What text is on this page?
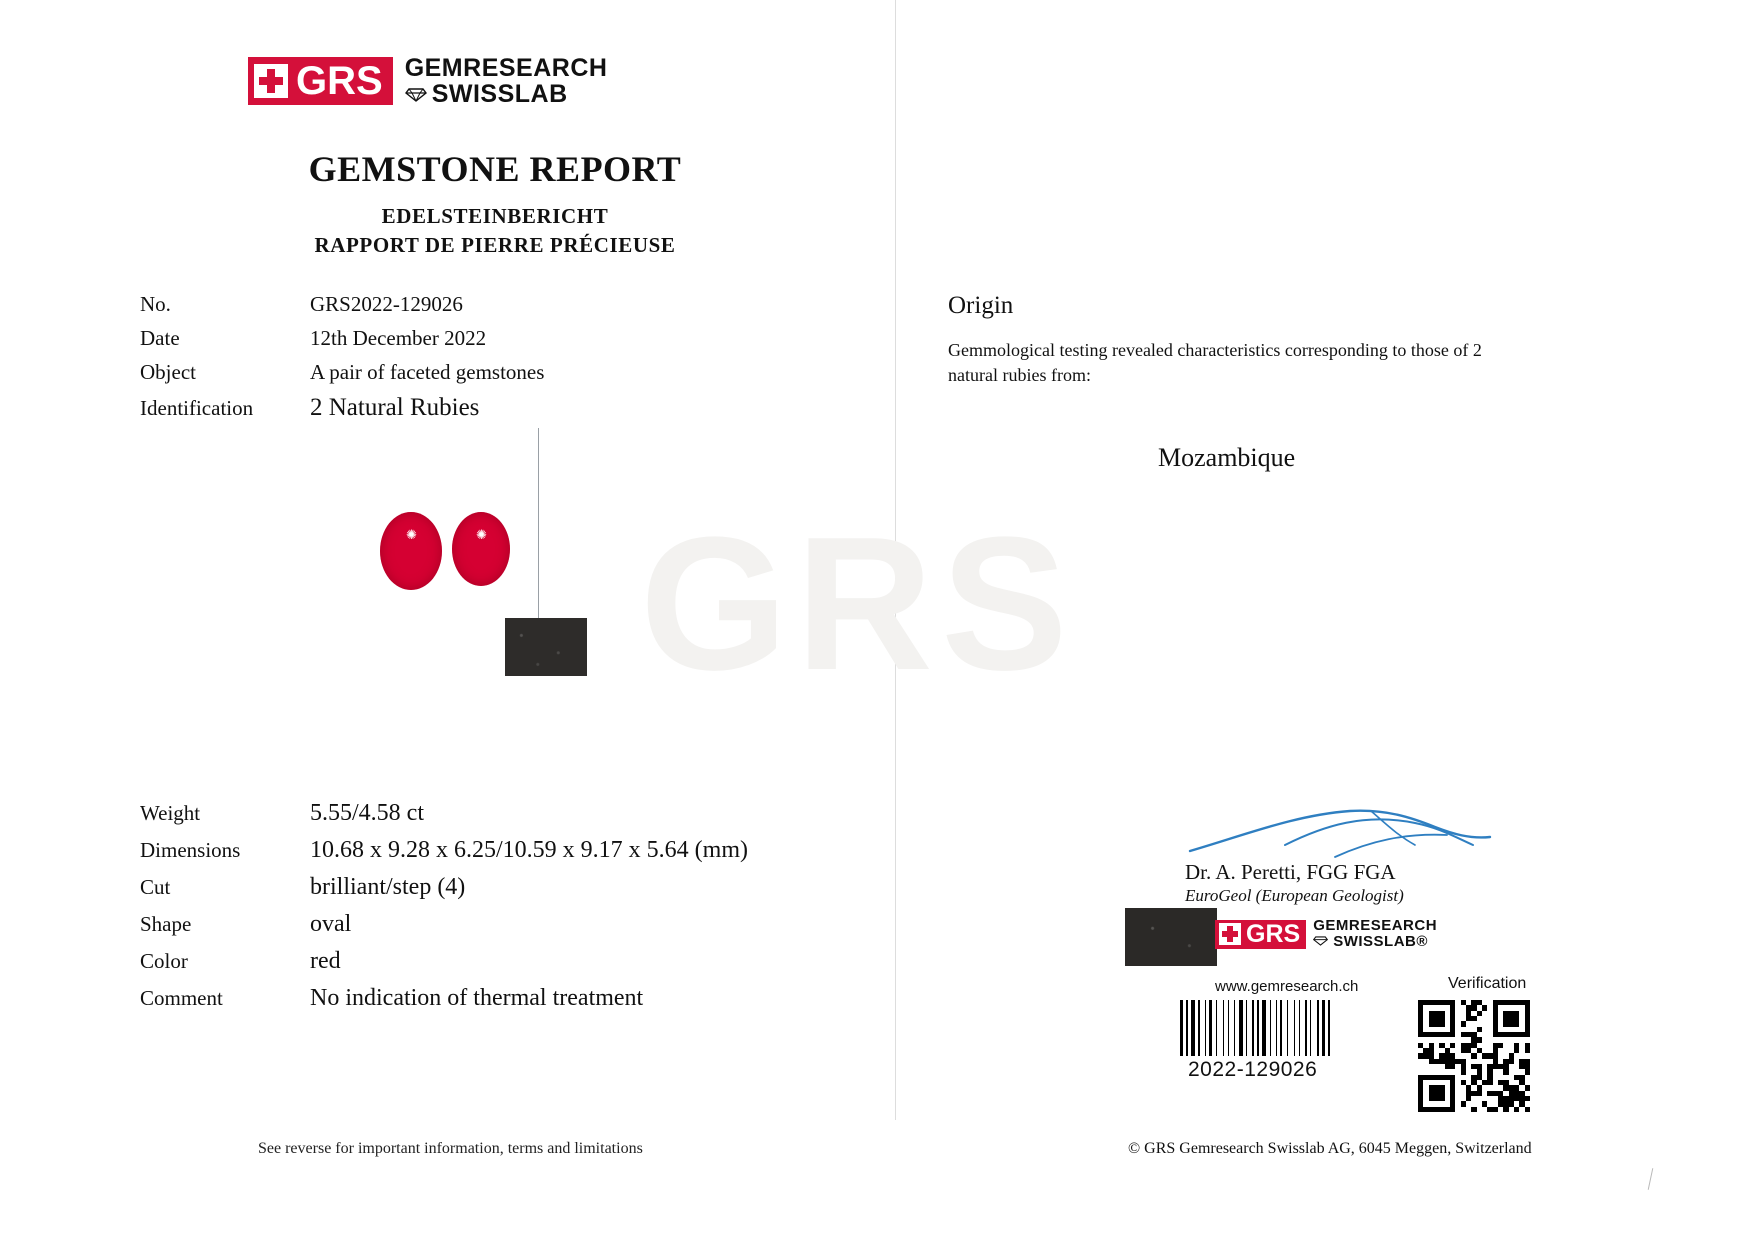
GRS
GRS GEMRESEARCH
SWISSLAB
GEMSTONE REPORT
EDELSTEINBERICHT
RAPPORT DE PIERRE PRÉCIEUSE
No.	GRS2022-129026
Date	12th December 2022
Object	A pair of faceted gemstones
Identification	2 Natural Rubies
✺	✺
Weight	5.55/4.58 ct
Dimensions	10.68 x 9.28 x 6.25/10.59 x 9.17 x 5.64 (mm)
Cut	brilliant/step (4)
Shape	oval
Color	red
Comment	No indication of thermal treatment
See reverse for important information, terms and limitations
Origin
Gemmological testing revealed characteristics corresponding to those of 2 natural rubies from:
Mozambique
Dr. A. Peretti, FGG FGA
EuroGeol (European Geologist)
GRS GEMRESEARCH
SWISSLAB®
www.gemresearch.ch	Verification
2022-129026
© GRS Gemresearch Swisslab AG, 6045 Meggen, Switzerland
